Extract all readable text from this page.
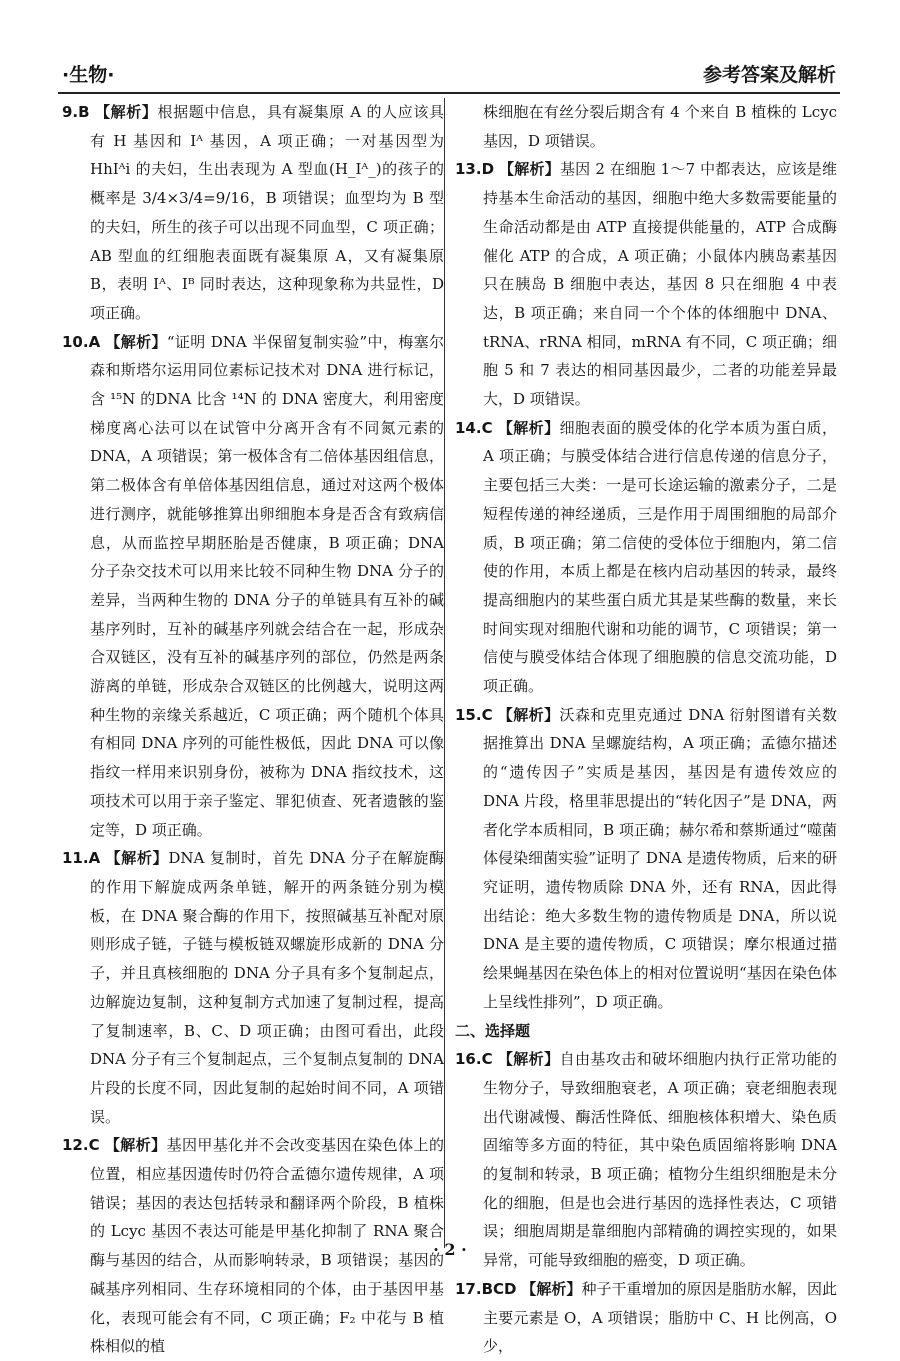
·生物·	参考答案及解析

9.B 【解析】根据题中信息，具有凝集原 A 的人应该具有 H 基因和 Iᴬ 基因，A 项正确；一对基因型为 HhIᴬi 的夫妇，生出表现为 A 型血(H_Iᴬ_)的孩子的概率是 3/4×3/4=9/16，B 项错误；血型均为 B 型的夫妇，所生的孩子可以出现不同血型，C 项正确；AB 型血的红细胞表面既有凝集原 A，又有凝集原 B，表明 Iᴬ、Iᴮ 同时表达，这种现象称为共显性，D 项正确。

10.A 【解析】“证明 DNA 半保留复制实验”中，梅塞尔森和斯塔尔运用同位素标记技术对 DNA 进行标记，含 ¹⁵N 的DNA 比含 ¹⁴N 的 DNA 密度大，利用密度梯度离心法可以在试管中分离开含有不同氮元素的 DNA，A 项错误；第一极体含有二倍体基因组信息，第二极体含有单倍体基因组信息，通过对这两个极体进行测序，就能够推算出卵细胞本身是否含有致病信息，从而监控早期胚胎是否健康，B 项正确；DNA 分子杂交技术可以用来比较不同种生物 DNA 分子的差异，当两种生物的 DNA 分子的单链具有互补的碱基序列时，互补的碱基序列就会结合在一起，形成杂合双链区，没有互补的碱基序列的部位，仍然是两条游离的单链，形成杂合双链区的比例越大，说明这两种生物的亲缘关系越近，C 项正确；两个随机个体具有相同 DNA 序列的可能性极低，因此 DNA 可以像指纹一样用来识别身份，被称为 DNA 指纹技术，这项技术可以用于亲子鉴定、罪犯侦查、死者遗骸的鉴定等，D 项正确。

11.A 【解析】DNA 复制时，首先 DNA 分子在解旋酶的作用下解旋成两条单链，解开的两条链分别为模板，在 DNA 聚合酶的作用下，按照碱基互补配对原则形成子链，子链与模板链双螺旋形成新的 DNA 分子，并且真核细胞的 DNA 分子具有多个复制起点，边解旋边复制，这种复制方式加速了复制过程，提高了复制速率，B、C、D 项正确；由图可看出，此段 DNA 分子有三个复制起点，三个复制点复制的 DNA 片段的长度不同，因此复制的起始时间不同，A 项错误。

12.C 【解析】基因甲基化并不会改变基因在染色体上的位置，相应基因遗传时仍符合孟德尔遗传规律，A 项错误；基因的表达包括转录和翻译两个阶段，B 植株的 Lcyc 基因不表达可能是甲基化抑制了 RNA 聚合酶与基因的结合，从而影响转录，B 项错误；基因的碱基序列相同、生存环境相同的个体，由于基因甲基化，表现可能会有不同，C 项正确；F₂ 中花与 B 植株相似的植

株细胞在有丝分裂后期含有 4 个来自 B 植株的 Lcyc 基因，D 项错误。

13.D 【解析】基因 2 在细胞 1～7 中都表达，应该是维持基本生命活动的基因，细胞中绝大多数需要能量的生命活动都是由 ATP 直接提供能量的，ATP 合成酶催化 ATP 的合成，A 项正确；小鼠体内胰岛素基因只在胰岛 B 细胞中表达，基因 8 只在细胞 4 中表达，B 项正确；来自同一个个体的体细胞中 DNA、tRNA、rRNA 相同，mRNA 有不同，C 项正确；细胞 5 和 7 表达的相同基因最少，二者的功能差异最大，D 项错误。

14.C 【解析】细胞表面的膜受体的化学本质为蛋白质，A 项正确；与膜受体结合进行信息传递的信息分子，主要包括三大类：一是可长途运输的激素分子，二是短程传递的神经递质，三是作用于周围细胞的局部介质，B 项正确；第二信使的受体位于细胞内，第二信使的作用，本质上都是在核内启动基因的转录，最终提高细胞内的某些蛋白质尤其是某些酶的数量，来长时间实现对细胞代谢和功能的调节，C 项错误；第一信使与膜受体结合体现了细胞膜的信息交流功能，D 项正确。

15.C 【解析】沃森和克里克通过 DNA 衍射图谱有关数据推算出 DNA 呈螺旋结构，A 项正确；孟德尔描述的“遗传因子”实质是基因，基因是有遗传效应的 DNA 片段，格里菲思提出的“转化因子”是 DNA，两者化学本质相同，B 项正确；赫尔希和蔡斯通过“噬菌体侵染细菌实验”证明了 DNA 是遗传物质，后来的研究证明，遗传物质除 DNA 外，还有 RNA，因此得出结论：绝大多数生物的遗传物质是 DNA，所以说 DNA 是主要的遗传物质，C 项错误；摩尔根通过描绘果蝇基因在染色体上的相对位置说明“基因在染色体上呈线性排列”，D 项正确。

二、选择题

16.C 【解析】自由基攻击和破坏细胞内执行正常功能的生物分子，导致细胞衰老，A 项正确；衰老细胞表现出代谢减慢、酶活性降低、细胞核体积增大、染色质固缩等多方面的特征，其中染色质固缩将影响 DNA 的复制和转录，B 项正确；植物分生组织细胞是未分化的细胞，但是也会进行基因的选择性表达，C 项错误；细胞周期是靠细胞内部精确的调控实现的，如果异常，可能导致细胞的癌变，D 项正确。

17.BCD 【解析】种子干重增加的原因是脂肪水解，因此主要元素是 O，A 项错误；脂肪中 C、H 比例高，O 少，

· 2 ·
